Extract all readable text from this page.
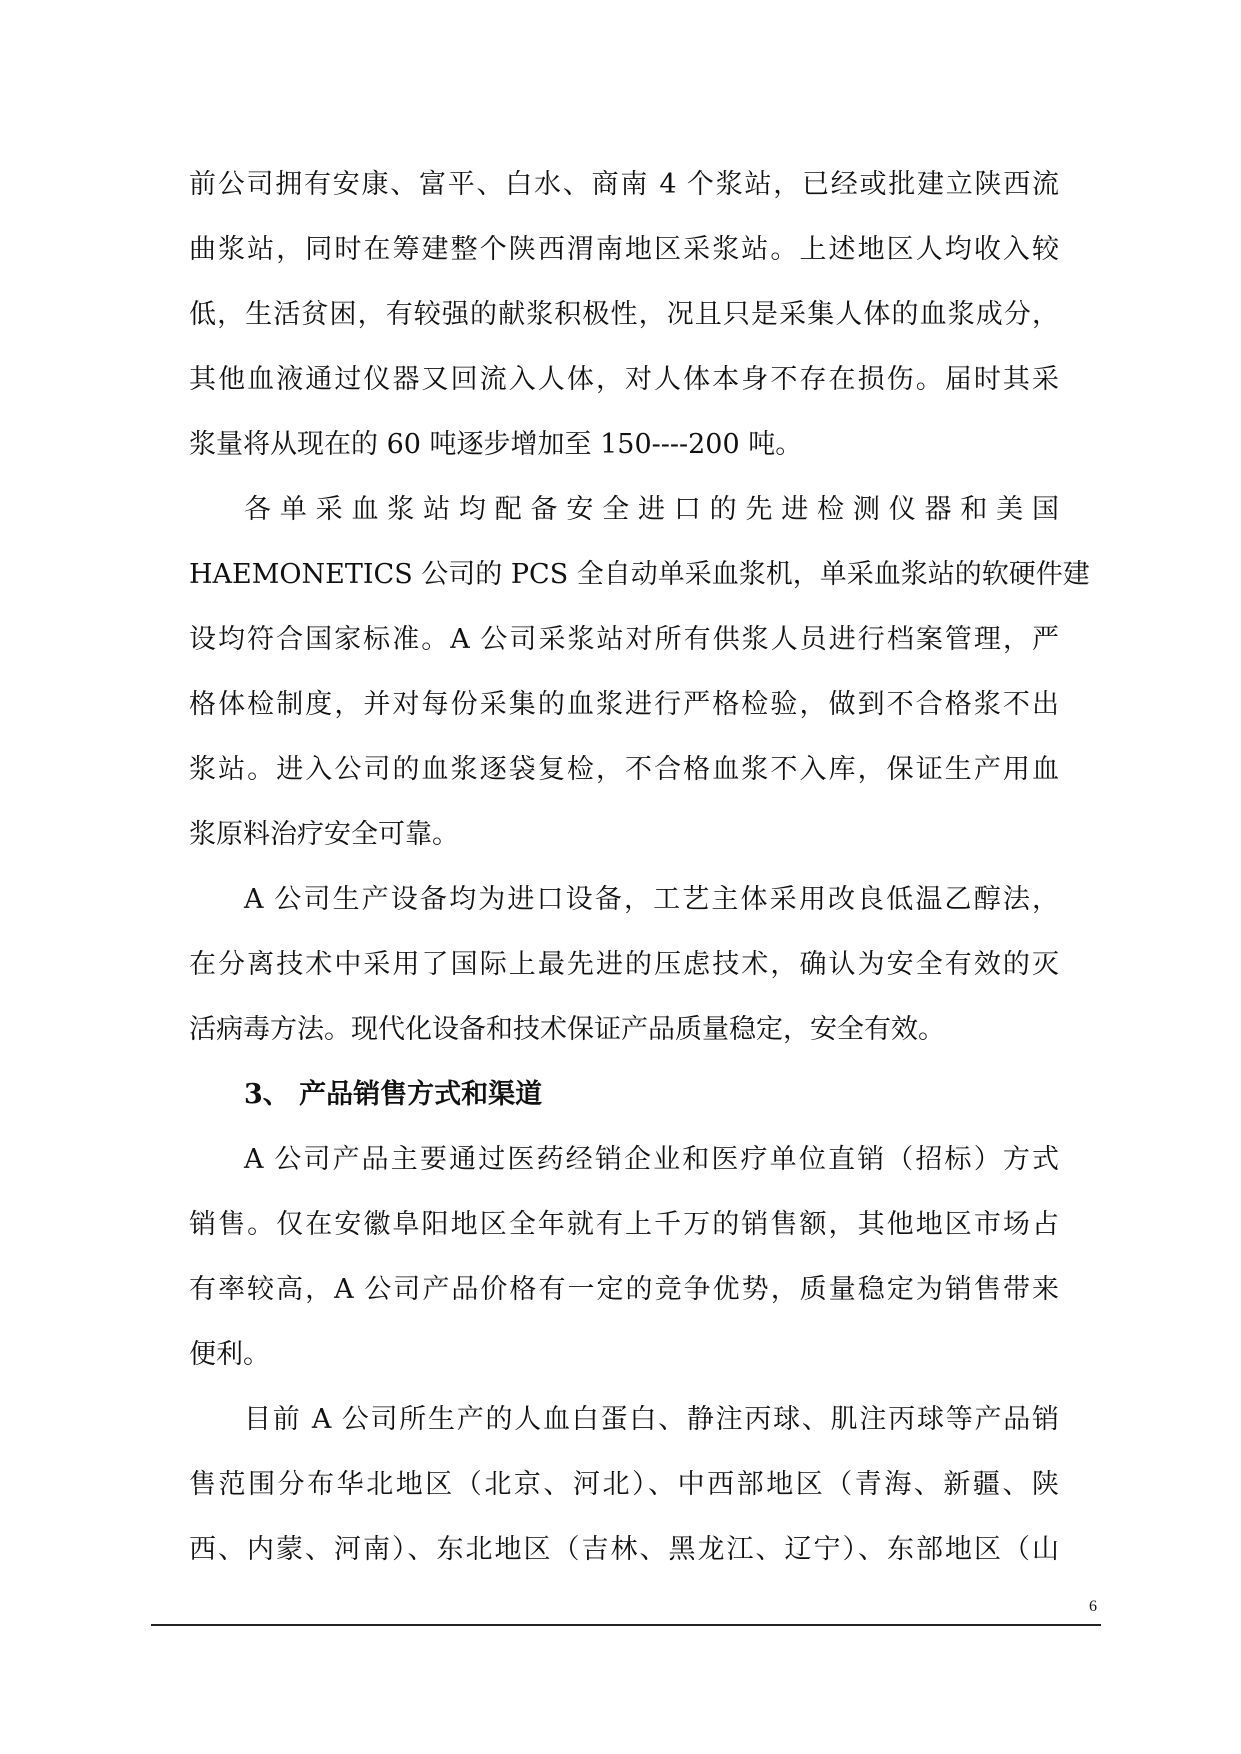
前公司拥有安康、富平、白水、商南 4 个浆站，已经或批建立陕西流
曲浆站，同时在筹建整个陕西渭南地区采浆站。上述地区人均收入较
低，生活贫困，有较强的献浆积极性，况且只是采集人体的血浆成分，
其他血液通过仪器又回流入人体，对人体本身不存在损伤。届时其采
浆量将从现在的 60 吨逐步增加至 150----200 吨。
各单采血浆站均配备安全进口的先进检测仪器和美国
HAEMONETICS 公司的 PCS 全自动单采血浆机，单采血浆站的软硬件建
设均符合国家标准。A 公司采浆站对所有供浆人员进行档案管理，严
格体检制度，并对每份采集的血浆进行严格检验，做到不合格浆不出
浆站。进入公司的血浆逐袋复检，不合格血浆不入库，保证生产用血
浆原料治疗安全可靠。
A 公司生产设备均为进口设备，工艺主体采用改良低温乙醇法，
在分离技术中采用了国际上最先进的压虑技术，确认为安全有效的灭
活病毒方法。现代化设备和技术保证产品质量稳定，安全有效。
3、 产品销售方式和渠道
A 公司产品主要通过医药经销企业和医疗单位直销（招标）方式
销售。仅在安徽阜阳地区全年就有上千万的销售额，其他地区市场占
有率较高，A 公司产品价格有一定的竞争优势，质量稳定为销售带来
便利。
目前 A 公司所生产的人血白蛋白、静注丙球、肌注丙球等产品销
售范围分布华北地区（北京、河北）、中西部地区（青海、新疆、陕
西、内蒙、河南）、东北地区（吉林、黑龙江、辽宁）、东部地区（山
6
